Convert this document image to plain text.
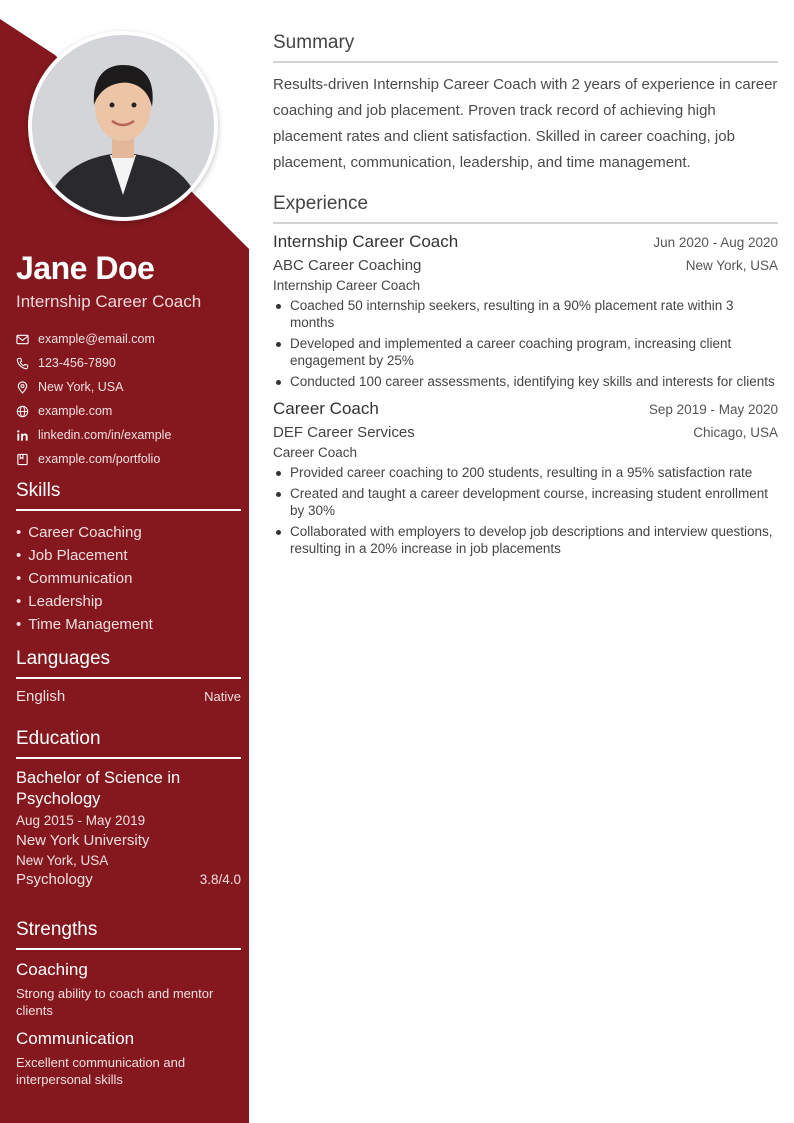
Jane Doe
Internship Career Coach
example@email.com
123-456-7890
New York, USA
example.com
linkedin.com/in/example
example.com/portfolio
Skills
• Career Coaching
• Job Placement
• Communication
• Leadership
• Time Management
Languages
English	Native
Education
Bachelor of Science in Psychology
Aug 2015 - May 2019
New York University
New York, USA
Psychology	3.8/4.0
Strengths
Coaching
Strong ability to coach and mentor clients
Communication
Excellent communication and interpersonal skills
Summary
Results-driven Internship Career Coach with 2 years of experience in career coaching and job placement. Proven track record of achieving high placement rates and client satisfaction. Skilled in career coaching, job placement, communication, leadership, and time management.
Experience
Internship Career Coach	Jun 2020 - Aug 2020
ABC Career Coaching	New York, USA
Internship Career Coach
Coached 50 internship seekers, resulting in a 90% placement rate within 3 months
Developed and implemented a career coaching program, increasing client engagement by 25%
Conducted 100 career assessments, identifying key skills and interests for clients
Career Coach	Sep 2019 - May 2020
DEF Career Services	Chicago, USA
Career Coach
Provided career coaching to 200 students, resulting in a 95% satisfaction rate
Created and taught a career development course, increasing student enrollment by 30%
Collaborated with employers to develop job descriptions and interview questions, resulting in a 20% increase in job placements
